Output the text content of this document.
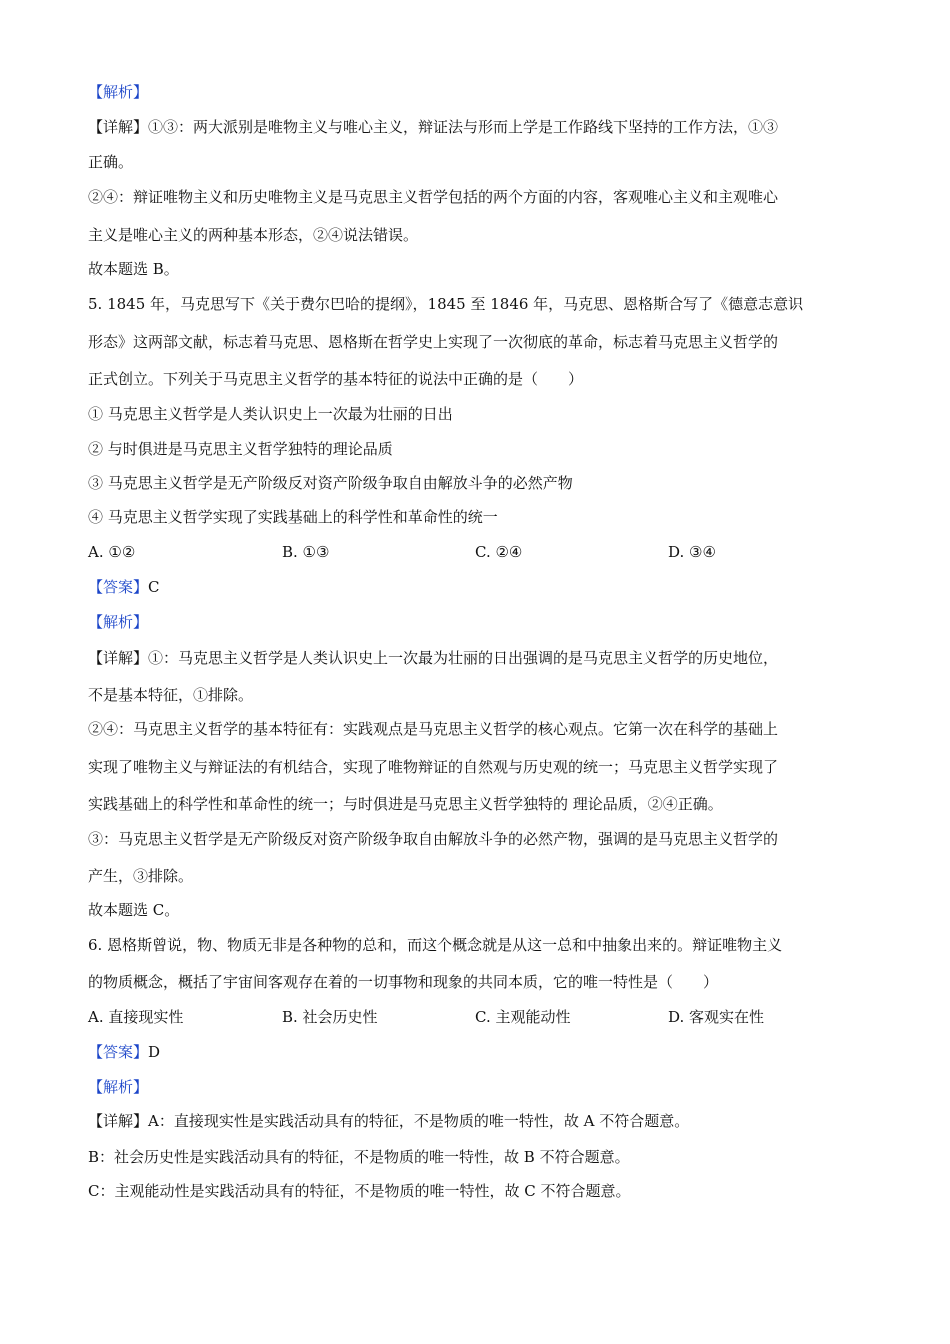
【解析】
【详解】①③：两大派别是唯物主义与唯心主义，辩证法与形而上学是工作路线下坚持的工作方法，①③
正确。
②④：辩证唯物主义和历史唯物主义是马克思主义哲学包括的两个方面的内容，客观唯心主义和主观唯心
主义是唯心主义的两种基本形态，②④说法错误。
故本题选 B。
5. 1845 年，马克思写下《关于费尔巴哈的提纲》，1845 至 1846 年，马克思、恩格斯合写了《德意志意识
形态》这两部文献，标志着马克思、恩格斯在哲学史上实现了一次彻底的革命，标志着马克思主义哲学的
正式创立。下列关于马克思主义哲学的基本特征的说法中正确的是（　　）
① 马克思主义哲学是人类认识史上一次最为壮丽的日出
② 与时俱进是马克思主义哲学独特的理论品质
③ 马克思主义哲学是无产阶级反对资产阶级争取自由解放斗争的必然产物
④ 马克思主义哲学实现了实践基础上的科学性和革命性的统一
A. ①②	B. ①③	C. ②④	D. ③④
【答案】C
【解析】
【详解】①：马克思主义哲学是人类认识史上一次最为壮丽的日出强调的是马克思主义哲学的历史地位，
不是基本特征，①排除。
②④：马克思主义哲学的基本特征有：实践观点是马克思主义哲学的核心观点。它第一次在科学的基础上
实现了唯物主义与辩证法的有机结合，实现了唯物辩证的自然观与历史观的统一；马克思主义哲学实现了
实践基础上的科学性和革命性的统一；与时俱进是马克思主义哲学独特的 理论品质，②④正确。
③：马克思主义哲学是无产阶级反对资产阶级争取自由解放斗争的必然产物，强调的是马克思主义哲学的
产生，③排除。
故本题选 C。
6. 恩格斯曾说，物、物质无非是各种物的总和，而这个概念就是从这一总和中抽象出来的。辩证唯物主义
的物质概念，概括了宇宙间客观存在着的一切事物和现象的共同本质，它的唯一特性是（　　）
A. 直接现实性	B. 社会历史性	C. 主观能动性	D. 客观实在性
【答案】D
【解析】
【详解】A：直接现实性是实践活动具有的特征，不是物质的唯一特性，故 A 不符合题意。
B：社会历史性是实践活动具有的特征，不是物质的唯一特性，故 B 不符合题意。
C：主观能动性是实践活动具有的特征，不是物质的唯一特性，故 C 不符合题意。
